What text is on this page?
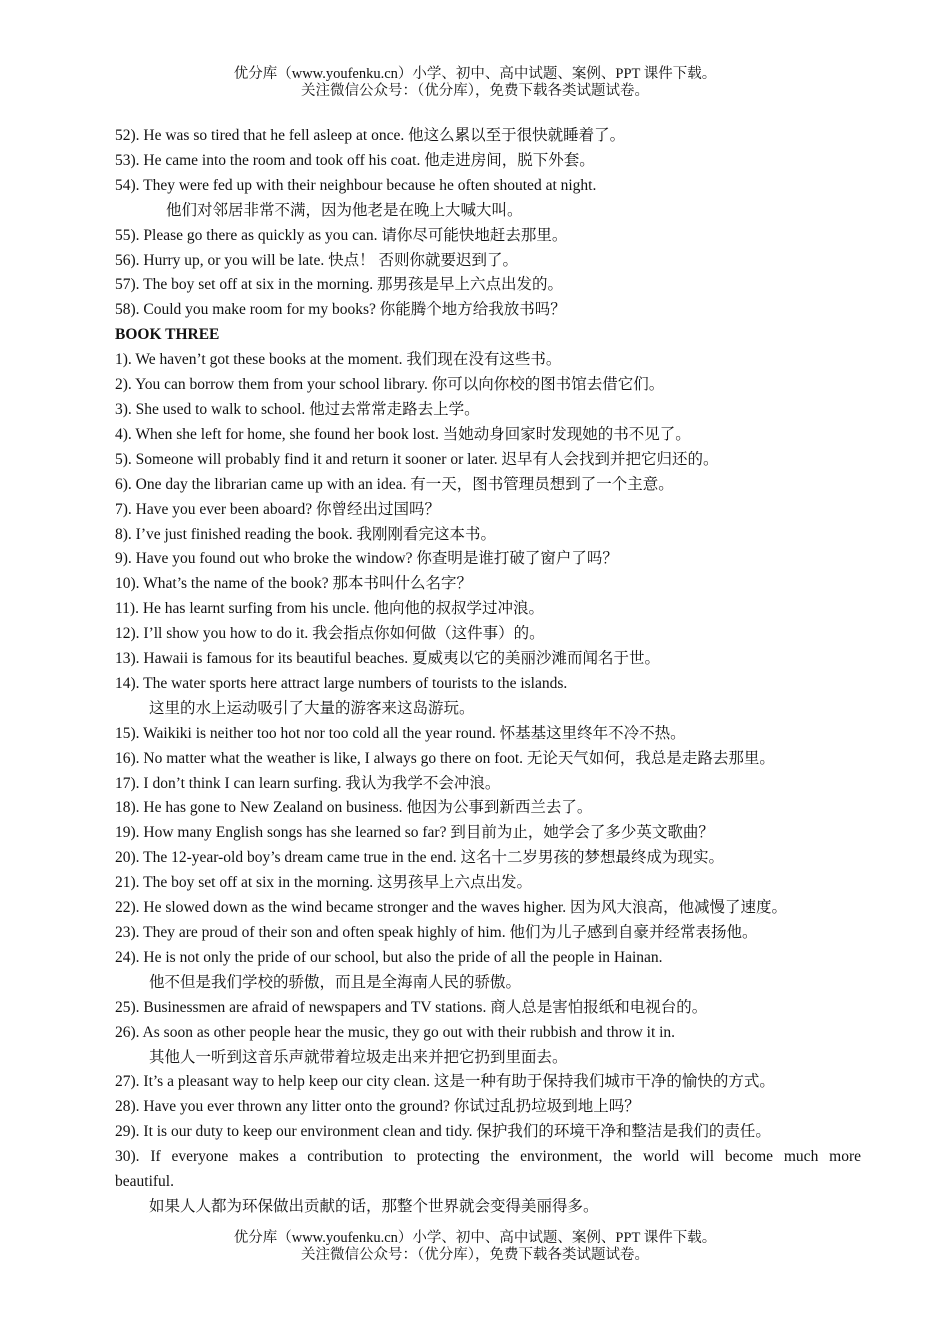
优分库（www.youfenku.cn）小学、初中、高中试题、案例、PPT 课件下载。
关注微信公众号：（优分库），免费下载各类试题试卷。
52). He was so tired that he fell asleep at once. 他这么累以至于很快就睡着了。
53). He came into the room and took off his coat. 他走进房间，脱下外套。
54). They were fed up with their neighbour because he often shouted at night.
他们对邻居非常不满，因为他老是在晚上大喊大叫。
55). Please go there as quickly as you can. 请你尽可能快地赶去那里。
56). Hurry up, or you will be late. 快点！ 否则你就要迟到了。
57). The boy set off at six in the morning. 那男孩是早上六点出发的。
58). Could you make room for my books? 你能腾个地方给我放书吗？
BOOK THREE
1). We haven’t got these books at the moment. 我们现在没有这些书。
2). You can borrow them from your school library. 你可以向你校的图书馆去借它们。
3). She used to walk to school. 他过去常常走路去上学。
4). When she left for home, she found her book lost. 当她动身回家时发现她的书不见了。
5). Someone will probably find it and return it sooner or later. 迟早有人会找到并把它归还的。
6). One day the librarian came up with an idea. 有一天，图书管理员想到了一个主意。
7). Have you ever been aboard? 你曾经出过国吗？
8). I’ve just finished reading the book. 我刚刚看完这本书。
9). Have you found out who broke the window? 你查明是谁打破了窗户了吗？
10). What’s the name of the book? 那本书叫什么名字？
11). He has learnt surfing from his uncle. 他向他的叔叔学过冲浪。
12). I’ll show you how to do it. 我会指点你如何做（这件事）的。
13). Hawaii is famous for its beautiful beaches. 夏威夷以它的美丽沙滩而闻名于世。
14). The water sports here attract large numbers of tourists to the islands.
这里的水上运动吸引了大量的游客来这岛游玩。
15). Waikiki is neither too hot nor too cold all the year round. 怀基基这里终年不冷不热。
16). No matter what the weather is like, I always go there on foot. 无论天气如何，我总是走路去那里。
17). I don’t think I can learn surfing. 我认为我学不会冲浪。
18). He has gone to New Zealand on business. 他因为公事到新西兰去了。
19). How many English songs has she learned so far? 到目前为止，她学会了多少英文歌曲？
20). The 12-year-old boy’s dream came true in the end. 这名十二岁男孩的梦想最终成为现实。
21). The boy set off at six in the morning. 这男孩早上六点出发。
22). He slowed down as the wind became stronger and the waves higher. 因为风大浪高，他减慢了速度。
23). They are proud of their son and often speak highly of him. 他们为儿子感到自豪并经常表扬他。
24). He is not only the pride of our school, but also the pride of all the people in Hainan.
他不但是我们学校的骄傲，而且是全海南人民的骄傲。
25). Businessmen are afraid of newspapers and TV stations. 商人总是害怕报纸和电视台的。
26). As soon as other people hear the music, they go out with their rubbish and throw it in.
其他人一听到这音乐声就带着垃圾走出来并把它扔到里面去。
27). It’s a pleasant way to help keep our city clean. 这是一种有助于保持我们城市干净的愉快的方式。
28). Have you ever thrown any litter onto the ground? 你试过乱扔垃圾到地上吗？
29). It is our duty to keep our environment clean and tidy. 保护我们的环境干净和整洁是我们的责任。
30). If everyone makes a contribution to protecting the environment, the world will become much more
beautiful.
如果人人都为环保做出贡献的话，那整个世界就会变得美丽得多。
优分库（www.youfenku.cn）小学、初中、高中试题、案例、PPT 课件下载。
关注微信公众号：（优分库），免费下载各类试题试卷。
